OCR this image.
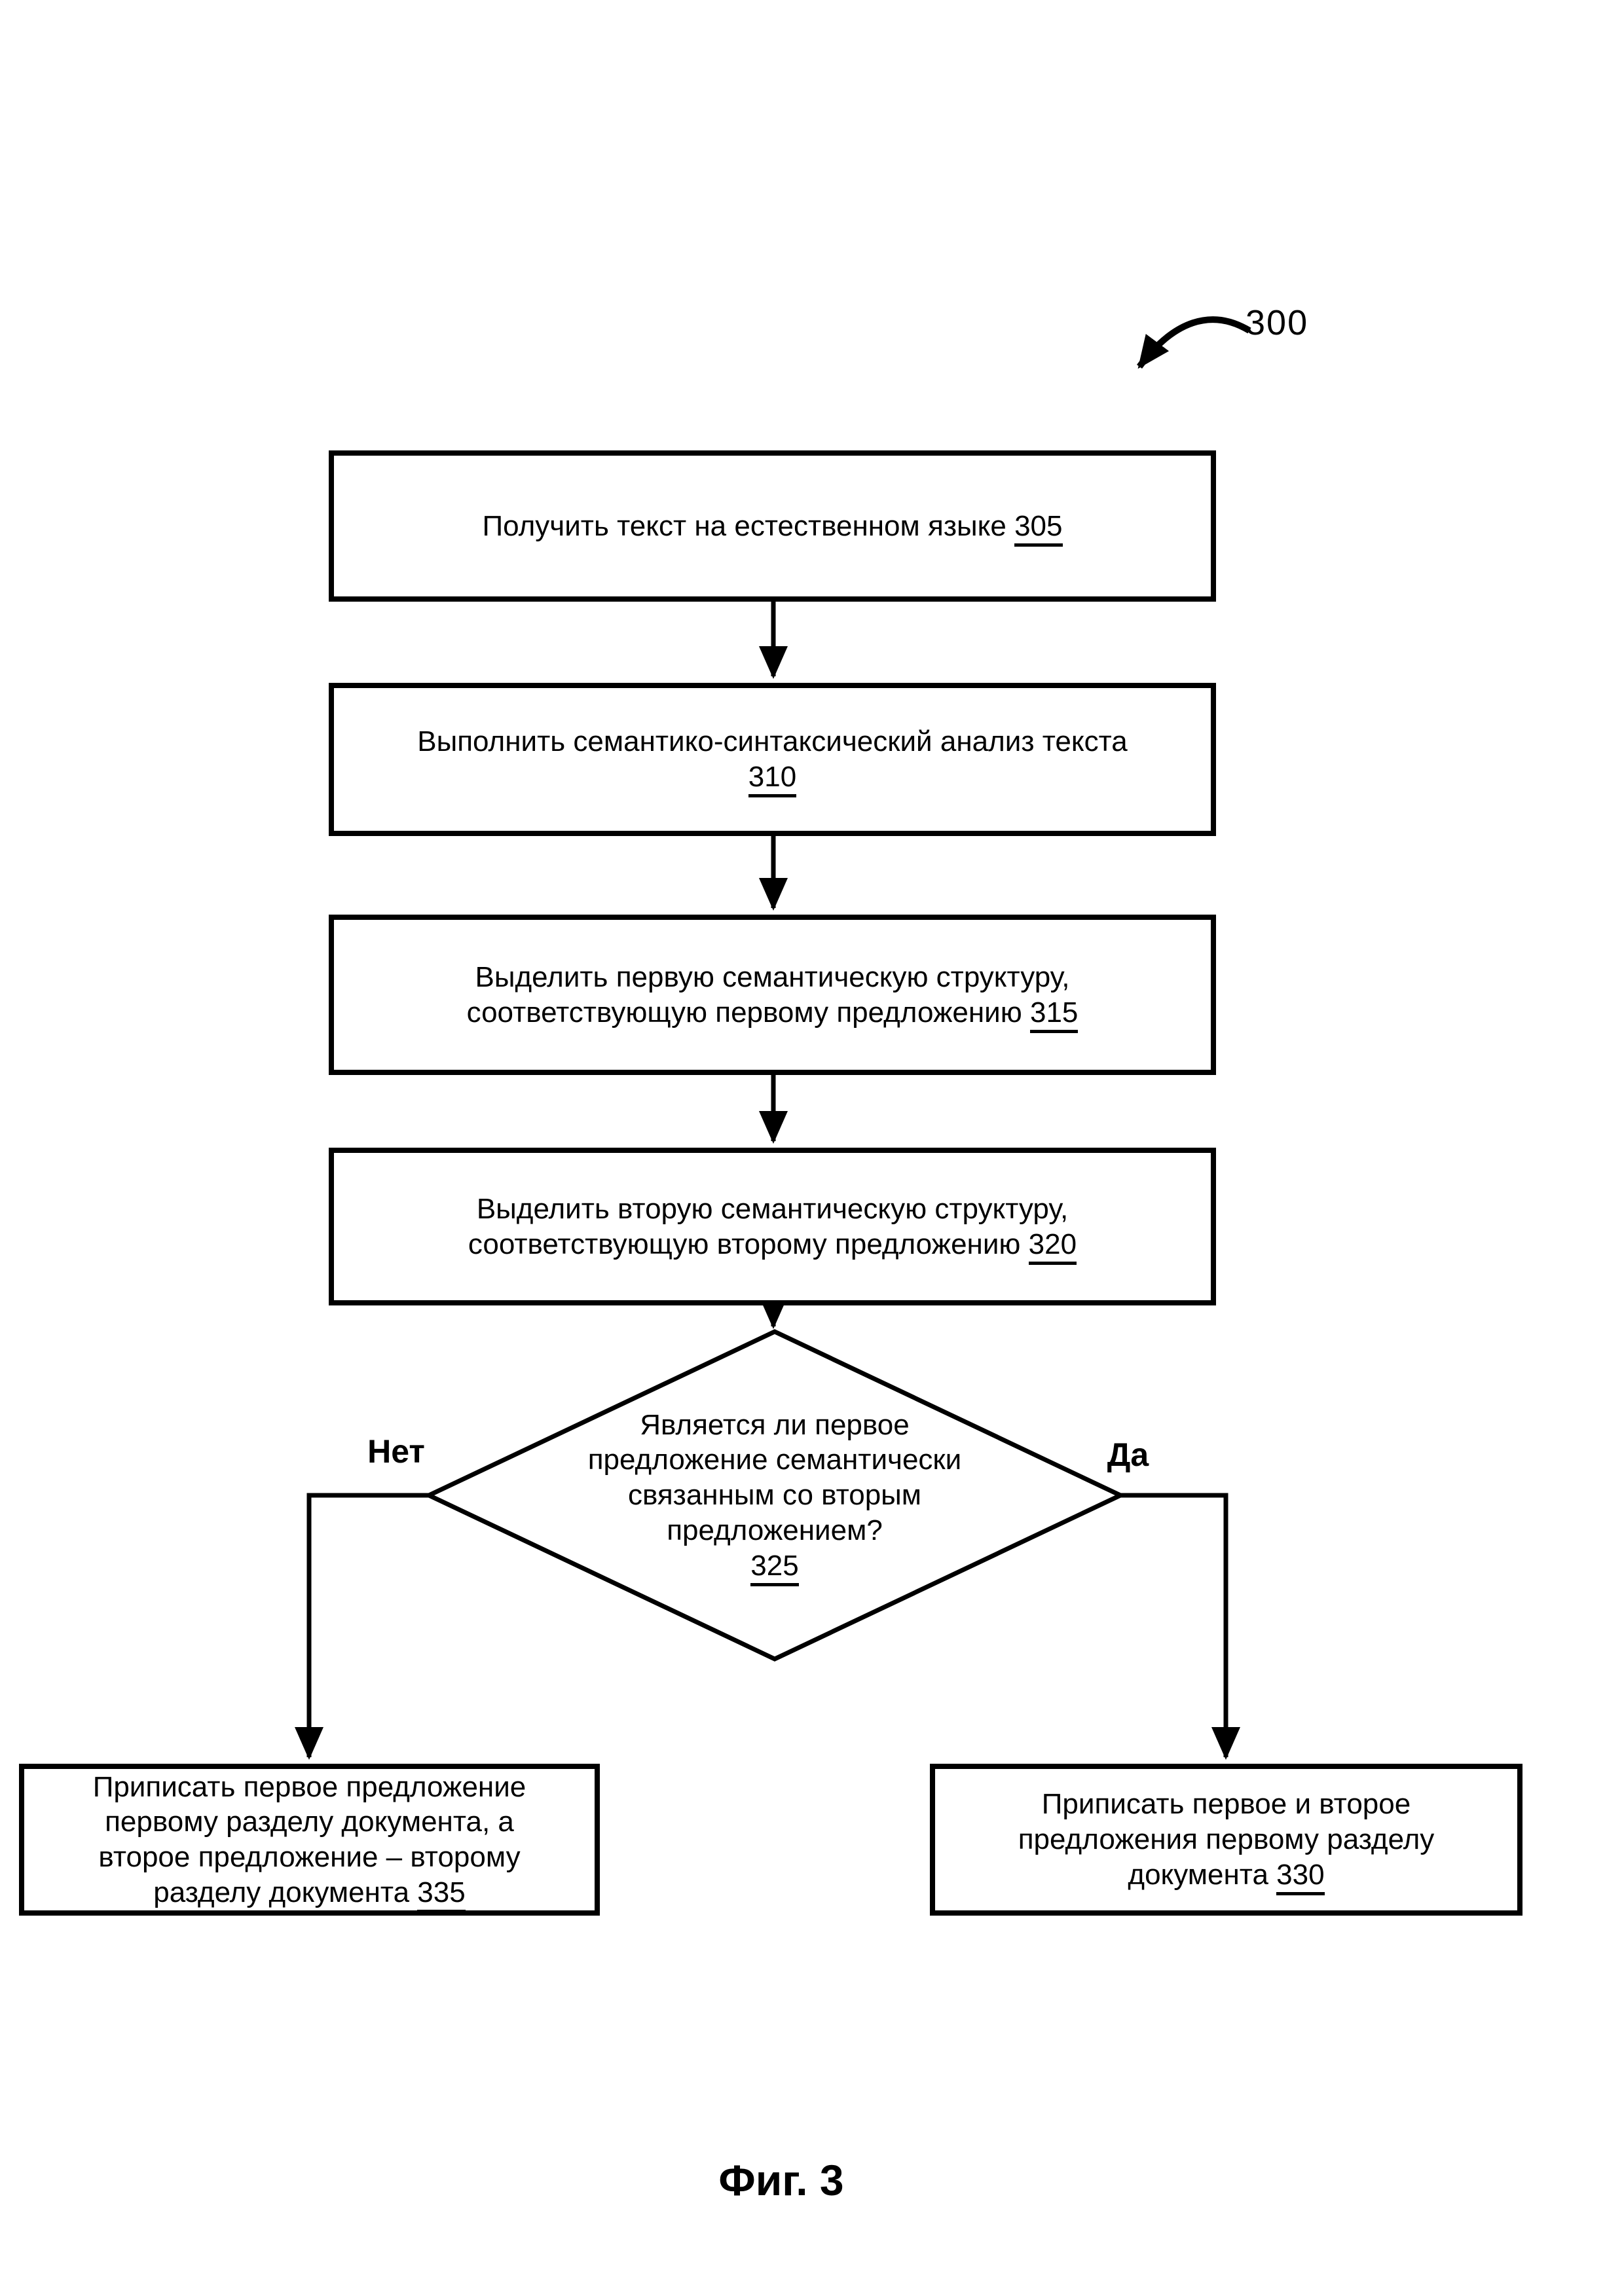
300
Получить текст на естественном языке 305
Выполнить семантико-синтаксический анализ текста
310
Выделить первую семантическую структуру,
соответствующую первому предложению 315
Выделить вторую семантическую структуру,
соответствующую второму предложению 320
Является ли первое
предложение семантически
связанным со вторым
предложением?
325
Нет	Да
Приписать первое предложение
первому разделу документа, а
второе предложение – второму
разделу документа 335
Приписать первое и второе
предложения первому разделу
документа 330
Фиг. 3
